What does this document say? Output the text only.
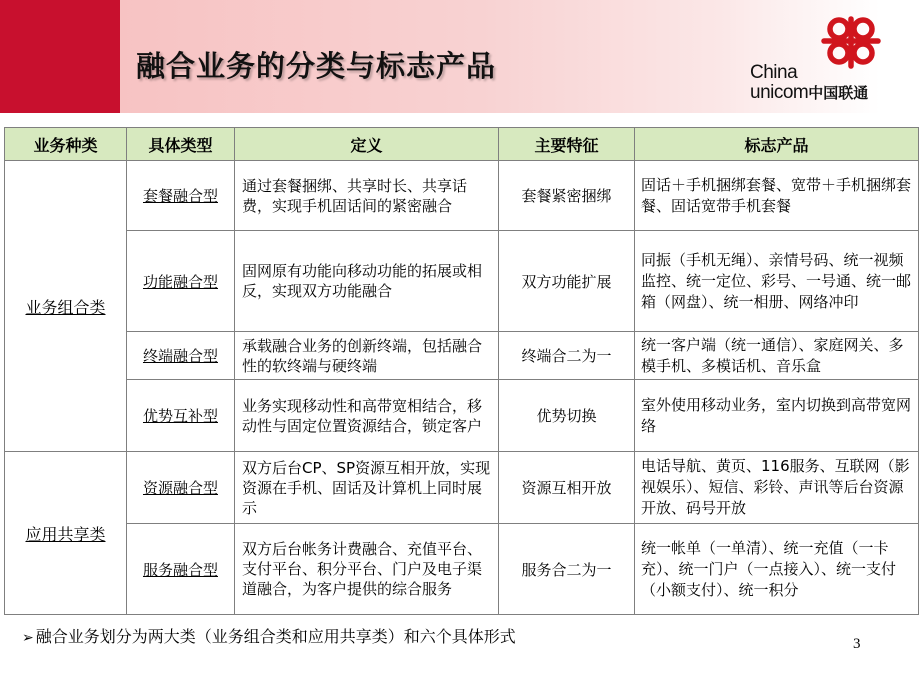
融合业务的分类与标志产品	China
unicom中国联通
业务种类	具体类型	定义	主要特征	标志产品
业务组合类	套餐融合型	通过套餐捆绑、共享时长、共享话费，实现手机固话间的紧密融合	套餐紧密捆绑	固话＋手机捆绑套餐、宽带＋手机捆绑套餐、固话宽带手机套餐
	功能融合型	固网原有功能向移动功能的拓展或相反，实现双方功能融合	双方功能扩展	同振（手机无绳）、亲情号码、统一视频监控、统一定位、彩号、一号通、统一邮箱（网盘）、统一相册、网络冲印
	终端融合型	承载融合业务的创新终端，包括融合性的软终端与硬终端	终端合二为一	统一客户端（统一通信）、家庭网关、多模手机、多模话机、音乐盒
	优势互补型	业务实现移动性和高带宽相结合，移动性与固定位置资源结合，锁定客户	优势切换	室外使用移动业务，室内切换到高带宽网络
应用共享类	资源融合型	双方后台CP、SP资源互相开放，实现资源在手机、固话及计算机上同时展示	资源互相开放	电话导航、黄页、116服务、互联网（影视娱乐）、短信、彩铃、声讯等后台资源开放、码号开放
	服务融合型	双方后台帐务计费融合、充值平台、支付平台、积分平台、门户及电子渠道融合，为客户提供的综合服务	服务合二为一	统一帐单（一单清）、统一充值（一卡充）、统一门户（一点接入）、统一支付（小额支付）、统一积分
➢ 融合业务划分为两大类（业务组合类和应用共享类）和六个具体形式	3
